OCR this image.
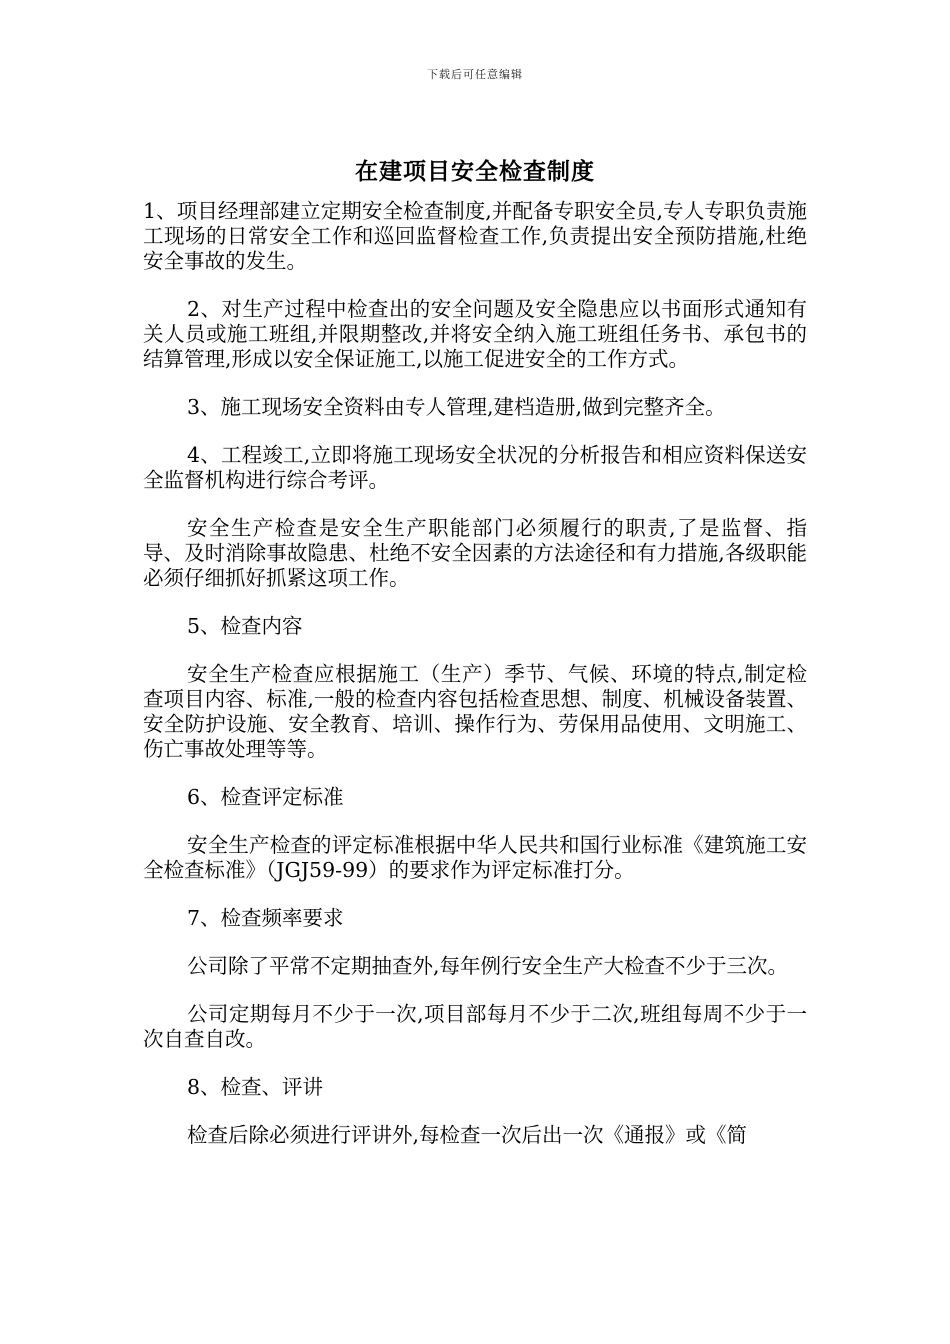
下载后可任意编辑
在建项目安全检查制度

1、项目经理部建立定期安全检查制度,并配备专职安全员,专人专职负责施工现场的日常安全工作和巡回监督检查工作,负责提出安全预防措施,杜绝安全事故的发生。

2、对生产过程中检查出的安全问题及安全隐患应以书面形式通知有关人员或施工班组,并限期整改,并将安全纳入施工班组任务书、承包书的结算管理,形成以安全保证施工,以施工促进安全的工作方式。

3、施工现场安全资料由专人管理,建档造册,做到完整齐全。

4、工程竣工,立即将施工现场安全状况的分析报告和相应资料保送安全监督机构进行综合考评。

安全生产检查是安全生产职能部门必须履行的职责,了是监督、指导、及时消除事故隐患、杜绝不安全因素的方法途径和有力措施,各级职能必须仔细抓好抓紧这项工作。

5、检查内容

安全生产检查应根据施工（生产）季节、气候、环境的特点,制定检查项目内容、标准,一般的检查内容包括检查思想、制度、机械设备装置、安全防护设施、安全教育、培训、操作行为、劳保用品使用、文明施工、伤亡事故处理等等。

6、检查评定标准

安全生产检查的评定标准根据中华人民共和国行业标准《建筑施工安全检查标准》（JGJ59-99）的要求作为评定标准打分。

7、检查频率要求

公司除了平常不定期抽查外,每年例行安全生产大检查不少于三次。

公司定期每月不少于一次,项目部每月不少于二次,班组每周不少于一次自查自改。

8、检查、评讲

检查后除必须进行评讲外,每检查一次后出一次《通报》或《简
